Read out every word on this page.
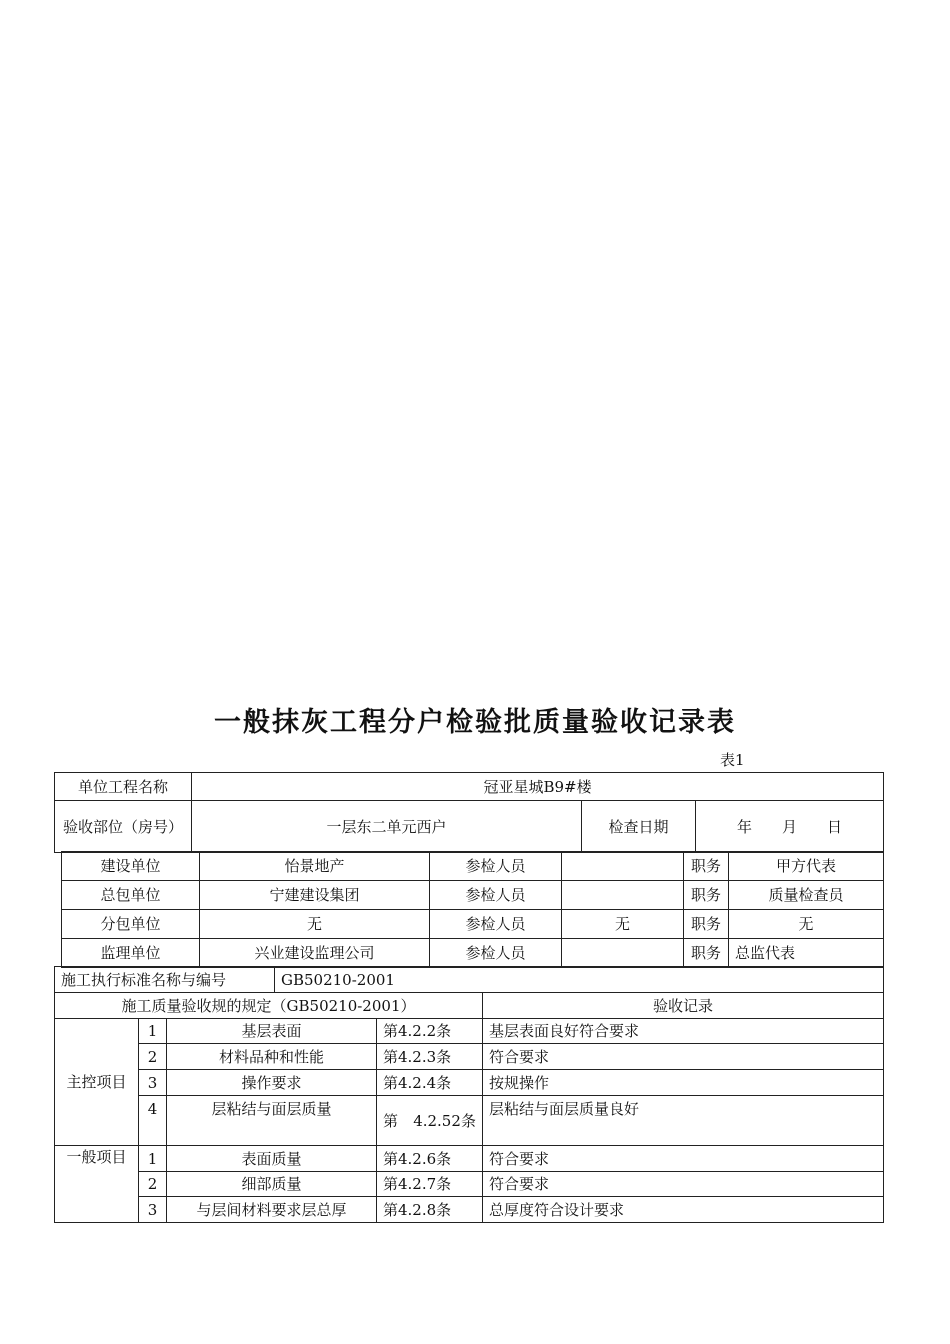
一般抹灰工程分户检验批质量验收记录表
表1
单位工程名称	冠亚星城B9#楼		
验收部位（房号）	一层东二单元西户	检查日期	年　　月　　日
建设单位	怡景地产	参检人员		职务	甲方代表
总包单位	宁建建设集团	参检人员		职务	质量检查员
分包单位	无	参检人员	无	职务	无
监理单位	兴业建设监理公司	参检人员		职务	总监代表
施工执行标准名称与编号	GB50210-2001
施工质量验收规的规定（GB50210-2001）	验收记录
主控项目	1	基层表面	第4.2.2条	基层表面良好符合要求
	2	材料品种和性能	第4.2.3条	符合要求
	3	操作要求	第4.2.4条	按规操作
	4	层粘结与面层质量	第　4.2.52条	层粘结与面层质量良好
一般项目	1	表面质量	第4.2.6条	符合要求
	2	细部质量	第4.2.7条	符合要求
	3	与层间材料要求层总厚	第4.2.8条	总厚度符合设计要求
